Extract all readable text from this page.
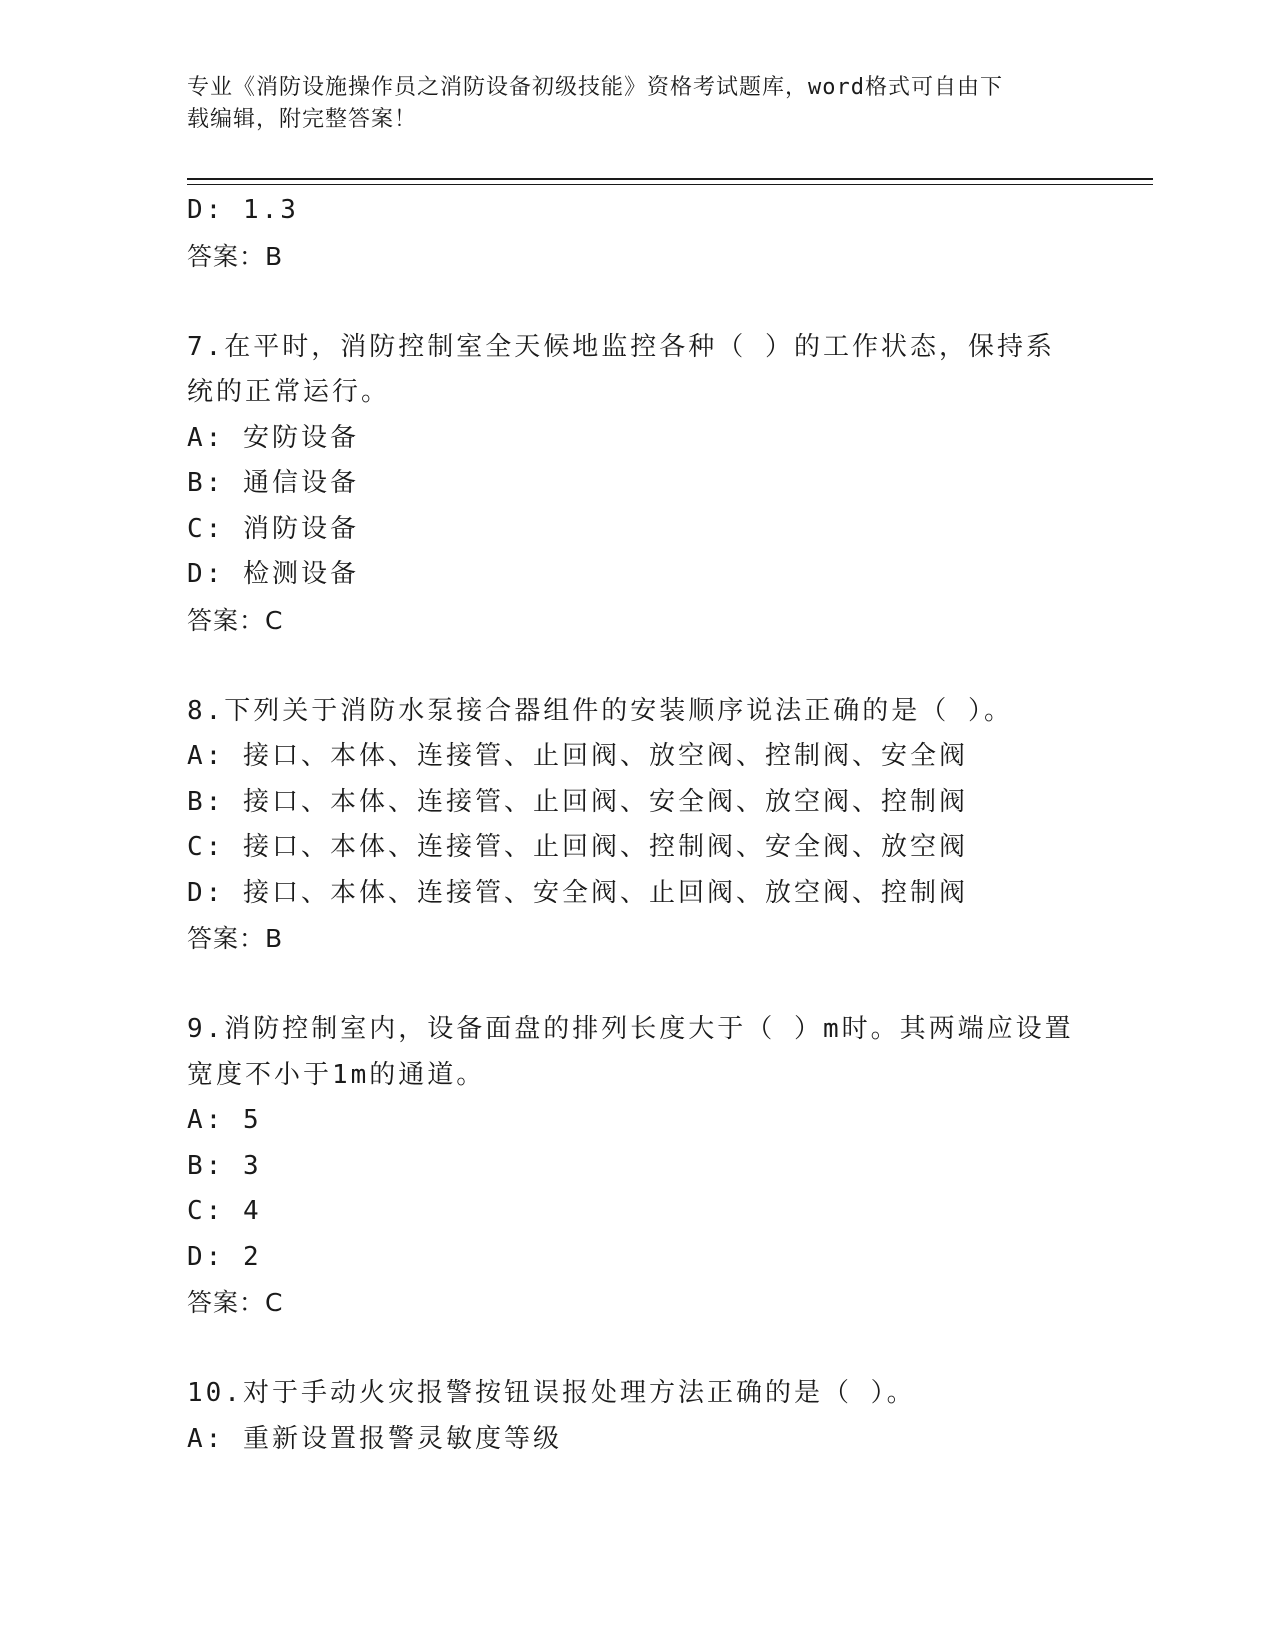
专业《消防设施操作员之消防设备初级技能》资格考试题库，word格式可自由下
载编辑，附完整答案！
D: 1.3
答案：B
7.在平时，消防控制室全天候地监控各种（ ）的工作状态，保持系
统的正常运行。
A: 安防设备
B: 通信设备
C: 消防设备
D: 检测设备
答案：C
8.下列关于消防水泵接合器组件的安装顺序说法正确的是（ ）。
A: 接口、本体、连接管、止回阀、放空阀、控制阀、安全阀
B: 接口、本体、连接管、止回阀、安全阀、放空阀、控制阀
C: 接口、本体、连接管、止回阀、控制阀、安全阀、放空阀
D: 接口、本体、连接管、安全阀、止回阀、放空阀、控制阀
答案：B
9.消防控制室内，设备面盘的排列长度大于（ ）m时。其两端应设置
宽度不小于1m的通道。
A: 5
B: 3
C: 4
D: 2
答案：C
10.对于手动火灾报警按钮误报处理方法正确的是（ ）。
A: 重新设置报警灵敏度等级
